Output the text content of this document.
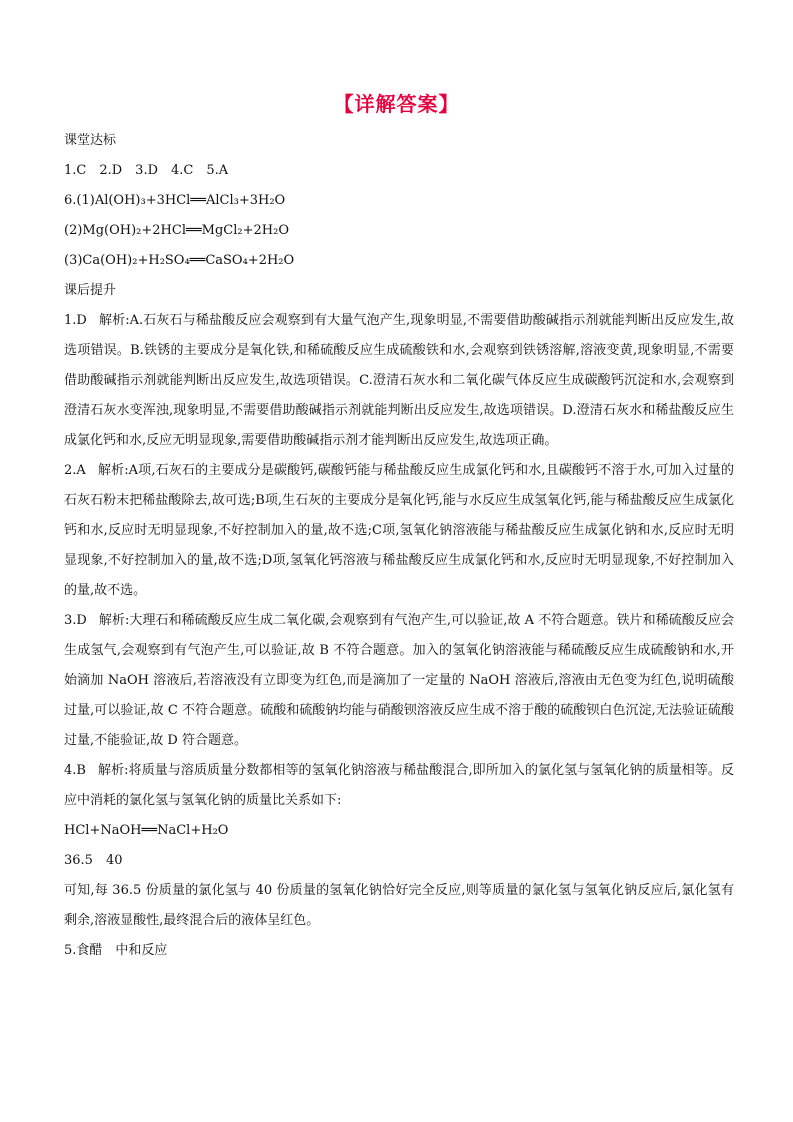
【详解答案】

课堂达标

1.C　2.D　3.D　4.C　5.A

6.(1)Al(OH)₃+3HCl══AlCl₃+3H₂O

(2)Mg(OH)₂+2HCl══MgCl₂+2H₂O

(3)Ca(OH)₂+H₂SO₄══CaSO₄+2H₂O

课后提升

1.D 解析:A.石灰石与稀盐酸反应会观察到有大量气泡产生,现象明显,不需要借助酸碱指示剂就能判断出反应发生,故选项错误。B.铁锈的主要成分是氧化铁,和稀硫酸反应生成硫酸铁和水,会观察到铁锈溶解,溶液变黄,现象明显,不需要借助酸碱指示剂就能判断出反应发生,故选项错误。C.澄清石灰水和二氧化碳气体反应生成碳酸钙沉淀和水,会观察到澄清石灰水变浑浊,现象明显,不需要借助酸碱指示剂就能判断出反应发生,故选项错误。D.澄清石灰水和稀盐酸反应生成氯化钙和水,反应无明显现象,需要借助酸碱指示剂才能判断出反应发生,故选项正确。

2.A 解析:A项,石灰石的主要成分是碳酸钙,碳酸钙能与稀盐酸反应生成氯化钙和水,且碳酸钙不溶于水,可加入过量的石灰石粉末把稀盐酸除去,故可选;B项,生石灰的主要成分是氧化钙,能与水反应生成氢氧化钙,能与稀盐酸反应生成氯化钙和水,反应时无明显现象,不好控制加入的量,故不选;C项,氢氧化钠溶液能与稀盐酸反应生成氯化钠和水,反应时无明显现象,不好控制加入的量,故不选;D项,氢氧化钙溶液与稀盐酸反应生成氯化钙和水,反应时无明显现象,不好控制加入的量,故不选。

3.D 解析:大理石和稀硫酸反应生成二氧化碳,会观察到有气泡产生,可以验证,故 A 不符合题意。铁片和稀硫酸反应会生成氢气,会观察到有气泡产生,可以验证,故 B 不符合题意。加入的氢氧化钠溶液能与稀硫酸反应生成硫酸钠和水,开始滴加 NaOH 溶液后,若溶液没有立即变为红色,而是滴加了一定量的 NaOH 溶液后,溶液由无色变为红色,说明硫酸过量,可以验证,故 C 不符合题意。硫酸和硫酸钠均能与硝酸钡溶液反应生成不溶于酸的硫酸钡白色沉淀,无法验证硫酸过量,不能验证,故 D 符合题意。

4.B 解析:将质量与溶质质量分数都相等的氢氧化钠溶液与稀盐酸混合,即所加入的氯化氢与氢氧化钠的质量相等。反应中消耗的氯化氢与氢氧化钠的质量比关系如下:

HCl+NaOH══NaCl+H₂O

36.5　40

可知,每 36.5 份质量的氯化氢与 40 份质量的氢氧化钠恰好完全反应,则等质量的氯化氢与氢氧化钠反应后,氯化氢有剩余,溶液显酸性,最终混合后的液体呈红色。

5.食醋　中和反应
